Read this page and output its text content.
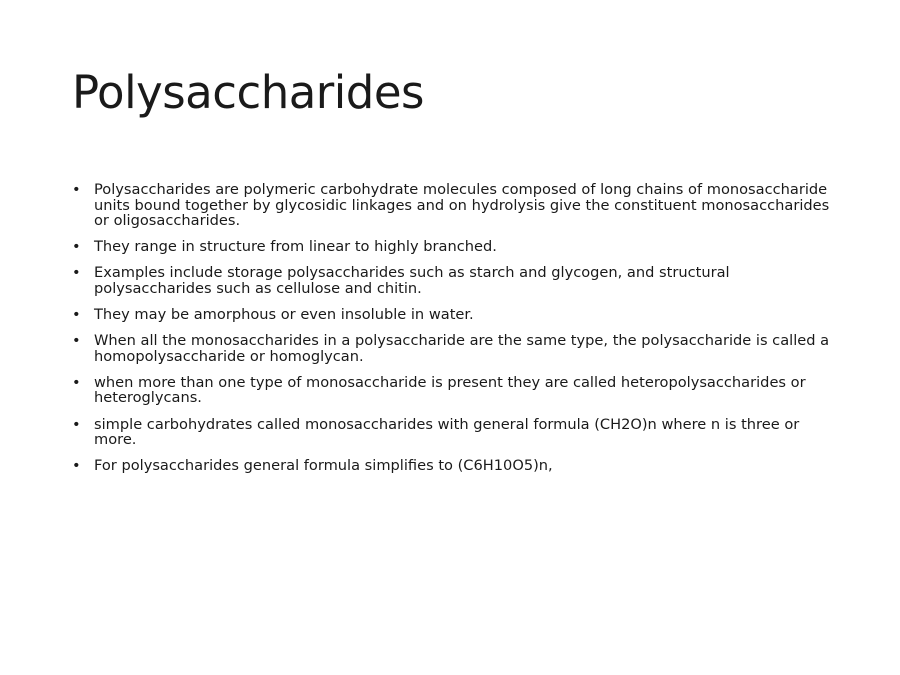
Polysaccharides
• Polysaccharides are polymeric carbohydrate molecules composed of long chains of monosaccharide units bound together by glycosidic linkages and on hydrolysis give the constituent monosaccharides or oligosaccharides.
• They range in structure from linear to highly branched.
• Examples include storage polysaccharides such as starch and glycogen, and structural polysaccharides such as cellulose and chitin.
• They may be amorphous or even insoluble in water.
• When all the monosaccharides in a polysaccharide are the same type, the polysaccharide is called a homopolysaccharide or homoglycan.
• when more than one type of monosaccharide is present they are called heteropolysaccharides or heteroglycans.
• simple carbohydrates called monosaccharides with general formula (CH2O)n where n is three or more.
• For polysaccharides general formula simplifies to (C6H10O5)n,
